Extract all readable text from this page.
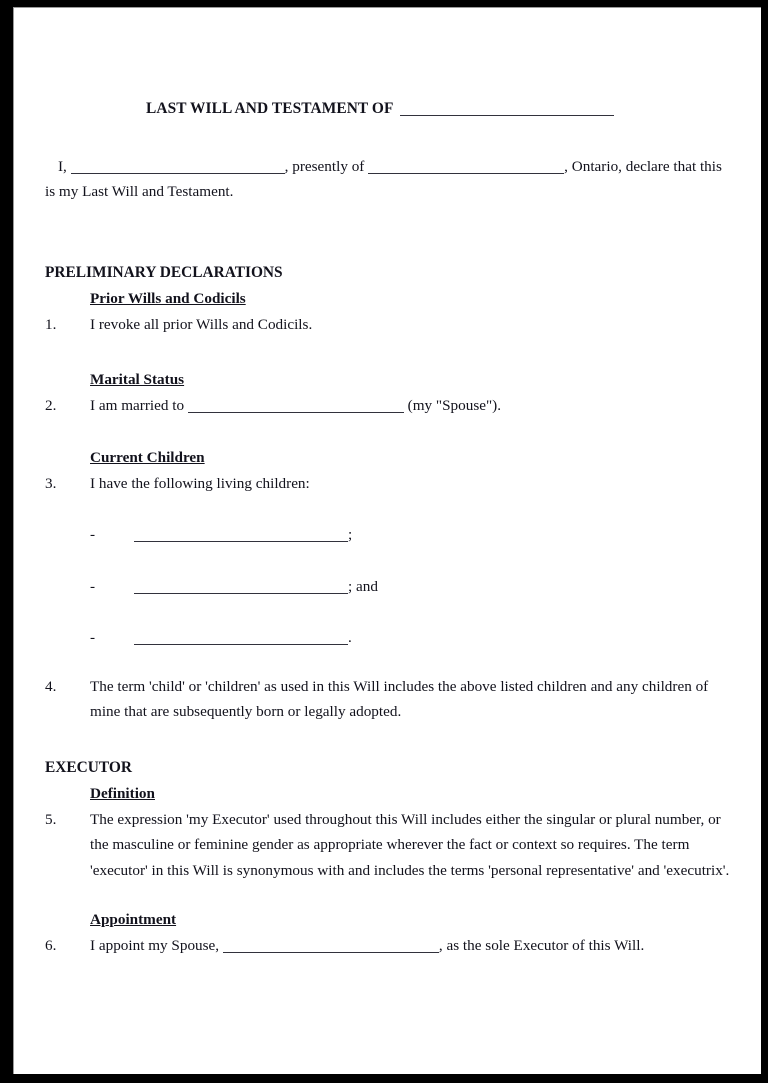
LAST WILL AND TESTAMENT OF
I,	, presently of	, Ontario, declare that this is my Last Will and Testament.
PRELIMINARY DECLARATIONS
Prior Wills and Codicils
1.	I revoke all prior Wills and Codicils.
Marital Status
2.	I am married to	(my "Spouse").
Current Children
3.	I have the following living children:
-	;
-	; and
-	.
4.	The term 'child' or 'children' as used in this Will includes the above listed children and any children of mine that are subsequently born or legally adopted.
EXECUTOR
Definition
5.	The expression 'my Executor' used throughout this Will includes either the singular or plural number, or the masculine or feminine gender as appropriate wherever the fact or context so requires. The term 'executor' in this Will is synonymous with and includes the terms 'personal representative' and 'executrix'.
Appointment
6.	I appoint my Spouse,	, as the sole Executor of this Will.
